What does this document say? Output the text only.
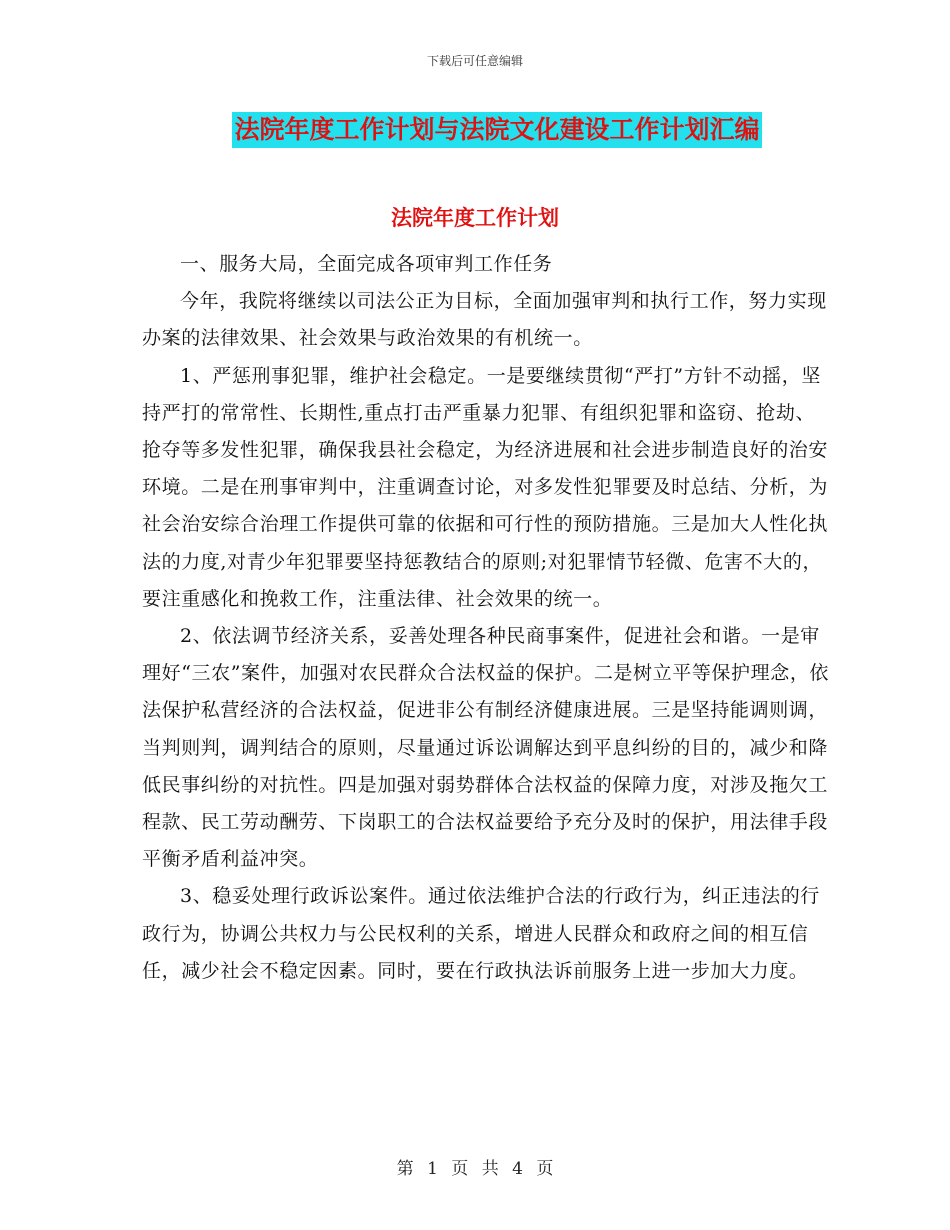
下载后可任意编辑
法院年度工作计划与法院文化建设工作计划汇编
法院年度工作计划

一、服务大局，全面完成各项审判工作任务

今年，我院将继续以司法公正为目标，全面加强审判和执行工作，努力实现办案的法律效果、社会效果与政治效果的有机统一。

1、严惩刑事犯罪，维护社会稳定。一是要继续贯彻“严打”方针不动摇，坚持严打的常常性、长期性,重点打击严重暴力犯罪、有组织犯罪和盗窃、抢劫、抢夺等多发性犯罪，确保我县社会稳定，为经济进展和社会进步制造良好的治安环境。二是在刑事审判中，注重调查讨论，对多发性犯罪要及时总结、分析，为社会治安综合治理工作提供可靠的依据和可行性的预防措施。三是加大人性化执法的力度,对青少年犯罪要坚持惩教结合的原则;对犯罪情节轻微、危害不大的，要注重感化和挽救工作，注重法律、社会效果的统一。

2、依法调节经济关系，妥善处理各种民商事案件，促进社会和谐。一是审理好“三农”案件，加强对农民群众合法权益的保护。二是树立平等保护理念，依法保护私营经济的合法权益，促进非公有制经济健康进展。三是坚持能调则调，当判则判，调判结合的原则，尽量通过诉讼调解达到平息纠纷的目的，减少和降低民事纠纷的对抗性。四是加强对弱势群体合法权益的保障力度，对涉及拖欠工程款、民工劳动酬劳、下岗职工的合法权益要给予充分及时的保护，用法律手段平衡矛盾利益冲突。

3、稳妥处理行政诉讼案件。通过依法维护合法的行政行为，纠正违法的行政行为，协调公共权力与公民权利的关系，增进人民群众和政府之间的相互信任，减少社会不稳定因素。同时，要在行政执法诉前服务上进一步加大力度。

第 1 页 共 4 页
